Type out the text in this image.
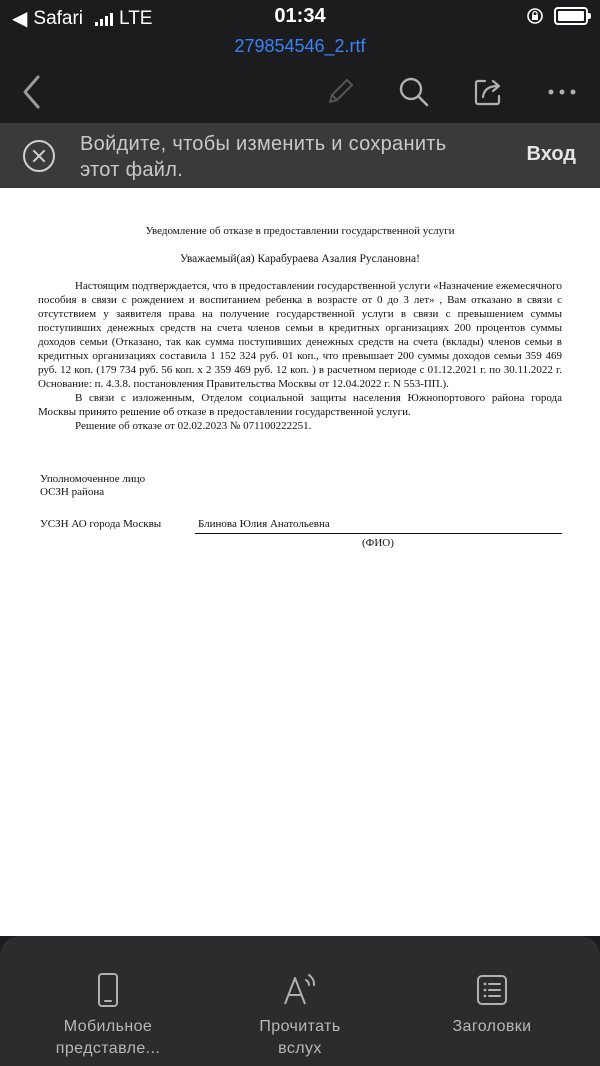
◀ Safari LTE	01:34
279854546_2.rtf
Войдите, чтобы изменить и сохранить этот файл.
Вход
Уведомление об отказе в предоставлении государственной услуги
Уважаемый(ая) Карабураева Азалия Руслановна!

Настоящим подтверждается, что в предоставлении государственной услуги «Назначение ежемесячного пособия в связи с рождением и воспитанием ребенка в возрасте от 0 до 3 лет» , Вам отказано в связи с отсутствием у заявителя права на получение государственной услуги в связи с превышением суммы поступивших денежных средств на счета членов семьи в кредитных организациях 200 процентов суммы доходов семьи (Отказано, так как сумма поступивших денежных средств на счета (вклады) членов семьи в кредитных организациях составила 1 152 324 руб. 01 коп., что превышает 200 суммы доходов семьи 359 469 руб. 12 коп. (179 734 руб. 56 коп. х 2 359 469 руб. 12 коп. ) в расчетном периоде с 01.12.2021 г. по 30.11.2022 г. Основание: п. 4.3.8. постановления Правительства Москвы от 12.04.2022 г. N 553-ПП.).

В связи с изложенным, Отделом социальной защиты населения Южнопортового района города Москвы принято решение об отказе в предоставлении государственной услуги.

Решение об отказе от 02.02.2023 № 071100222251.

Уполномоченное лицо
ОСЗН района
УСЗН АО города Москвы	Блинова Юлия Анатольевна
(ФИО)
Мобильное
представле...
Прочитать
вслух
Заголовки
